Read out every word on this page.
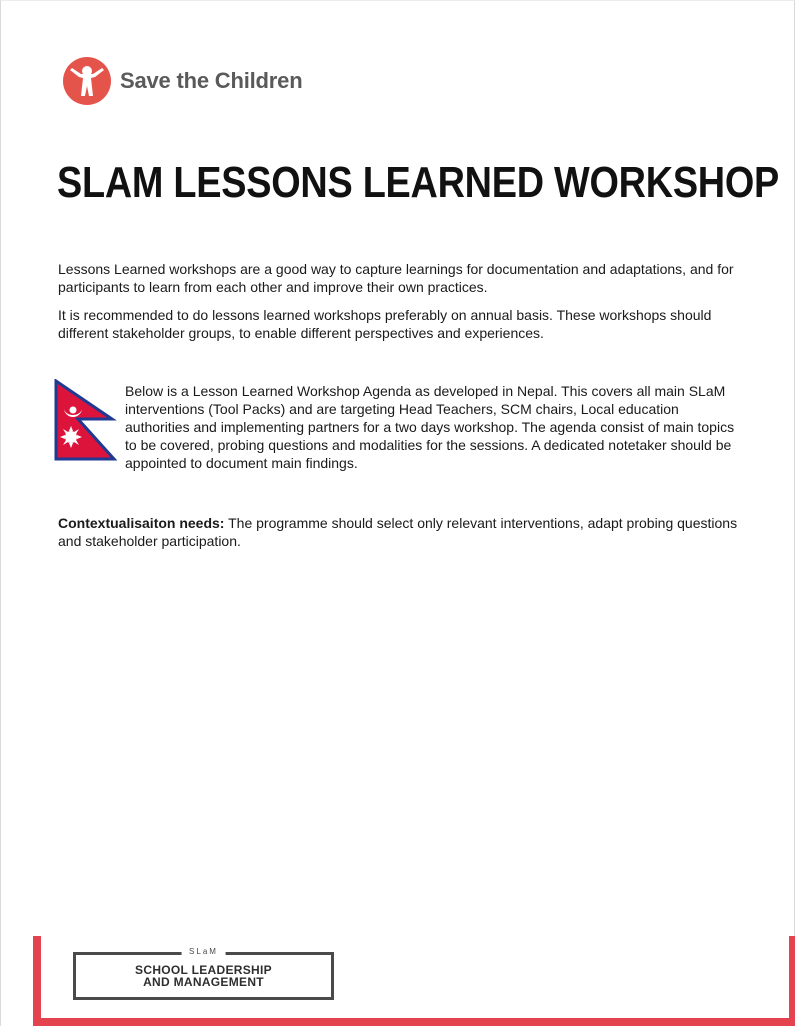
Save the Children
SLAM LESSONS LEARNED WORKSHOP

Lessons Learned workshops are a good way to capture learnings for documentation and adaptations, and for participants to learn from each other and improve their own practices.

It is recommended to do lessons learned workshops preferably on annual basis. These workshops should different stakeholder groups, to enable different perspectives and experiences.

Below is a Lesson Learned Workshop Agenda as developed in Nepal. This covers all main SLaM interventions (Tool Packs) and are targeting Head Teachers, SCM chairs, Local education authorities and implementing partners for a two days workshop. The agenda consist of main topics to be covered, probing questions and modalities for the sessions. A dedicated notetaker should be appointed to document main findings.

Contextualisaiton needs: The programme should select only relevant interventions, adapt probing questions and stakeholder participation.

SLaM
SCHOOL LEADERSHIP
AND MANAGEMENT
